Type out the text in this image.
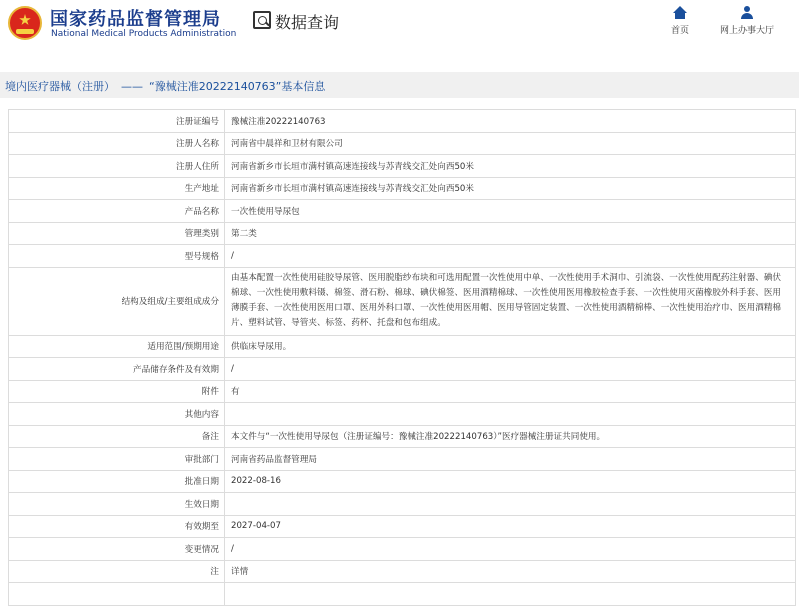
国家药品监督管理局
National Medical Products Administration
数据查询	首页	网上办事大厅
境内医疗器械（注册） —— “豫械注准20222140763”基本信息
注册证编号	豫械注准20222140763
注册人名称	河南省中晨祥和卫材有限公司
注册人住所	河南省新乡市长垣市满村镇高速连接线与苏青线交汇处向西50米
生产地址	河南省新乡市长垣市满村镇高速连接线与苏青线交汇处向西50米
产品名称	一次性使用导尿包
管理类别	第二类
型号规格	/
结构及组成/主要组成成分	由基本配置一次性使用硅胶导尿管、医用脱脂纱布块和可选用配置一次性使用中单、一次性使用手术洞巾、引流袋、一次性使用配药注射器、碘伏棉球、一次性使用敷料镊、棉签、滑石粉、棉球、碘伏棉签、医用酒精棉球、一次性使用医用橡胶检查手套、一次性使用灭菌橡胶外科手套、医用薄膜手套、一次性使用医用口罩、医用外科口罩、一次性使用医用帽、医用导管固定装置、一次性使用酒精棉棒、一次性使用治疗巾、医用酒精棉片、塑料试管、导管夹、标签、药杯、托盘和包布组成。
适用范围/预期用途	供临床导尿用。
产品储存条件及有效期	/
附件	有
其他内容	
备注	本文件与“一次性使用导尿包（注册证编号：豫械注准20222140763）”医疗器械注册证共同使用。
审批部门	河南省药品监督管理局
批准日期	2022-08-16
生效日期	
有效期至	2027-04-07
变更情况	/
注	详情
